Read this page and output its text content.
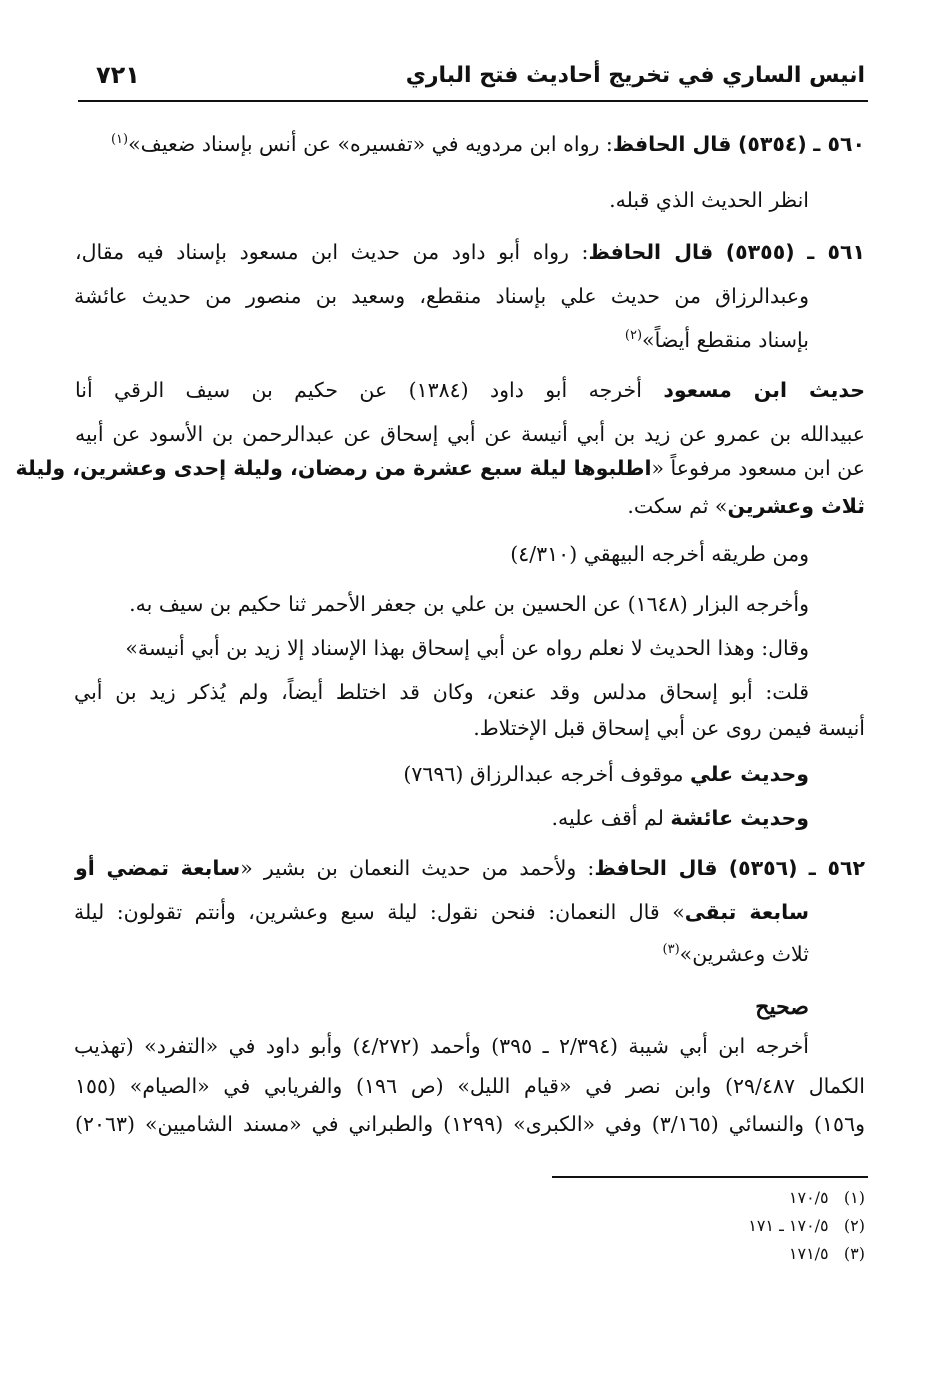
انيس الساري في تخريج أحاديث فتح الباري
٧٢١
٥٦٠ ـ (٥٣٥٤) قال الحافظ: رواه ابن مردويه في «تفسيره» عن أنس بإسناد ضعيف»$^{(١)}$
انظر الحديث الذي قبله.
٥٦١ ـ (٥٣٥٥) قال الحافظ: رواه أبو داود من حديث ابن مسعود بإسناد فيه مقال،
وعبدالرزاق من حديث علي بإسناد منقطع، وسعيد بن منصور من حديث عائشة
بإسناد منقطع أيضاً»$^{(٢)}$
حديث ابن مسعود أخرجه أبو داود (١٣٨٤) عن حكيم بن سيف الرقي أنا
عبيدالله بن عمرو عن زيد بن أبي أنيسة عن أبي إسحاق عن عبدالرحمن بن الأسود عن أبيه
عن ابن مسعود مرفوعاً «اطلبوها ليلة سبع عشرة من رمضان، وليلة إحدى وعشرين، وليلة
ثلاث وعشرين» ثم سكت.
ومن طريقه أخرجه البيهقي (٤/٣١٠)
وأخرجه البزار (١٦٤٨) عن الحسين بن علي بن جعفر الأحمر ثنا حكيم بن سيف به.
وقال: وهذا الحديث لا نعلم رواه عن أبي إسحاق بهذا الإسناد إلا زيد بن أبي أنيسة»
قلت: أبو إسحاق مدلس وقد عنعن، وكان قد اختلط أيضاً، ولم يُذكر زيد بن أبي
أنيسة فيمن روى عن أبي إسحاق قبل الإختلاط.
وحديث علي موقوف أخرجه عبدالرزاق (٧٦٩٦)
وحديث عائشة لم أقف عليه.
٥٦٢ ـ (٥٣٥٦) قال الحافظ: ولأحمد من حديث النعمان بن بشير «سابعة تمضي أو
سابعة تبقى» قال النعمان: فنحن نقول: ليلة سبع وعشرين، وأنتم تقولون: ليلة
ثلاث وعشرين»$^{(٣)}$
صحيح
أخرجه ابن أبي شيبة (٢/٣٩٤ ـ ٣٩٥) وأحمد (٤/٢٧٢) وأبو داود في «التفرد» (تهذيب
الكمال ٢٩/٤٨٧) وابن نصر في «قيام الليل» (ص ١٩٦) والفريابي في «الصيام» (١٥٥
و١٥٦) والنسائي (٣/١٦٥) وفي «الكبرى» (١٢٩٩) والطبراني في «مسند الشاميين» (٢٠٦٣)
(١)   ١٧٠/٥
(٢)   ١٧٠/٥ ـ ١٧١
(٣)   ١٧١/٥
